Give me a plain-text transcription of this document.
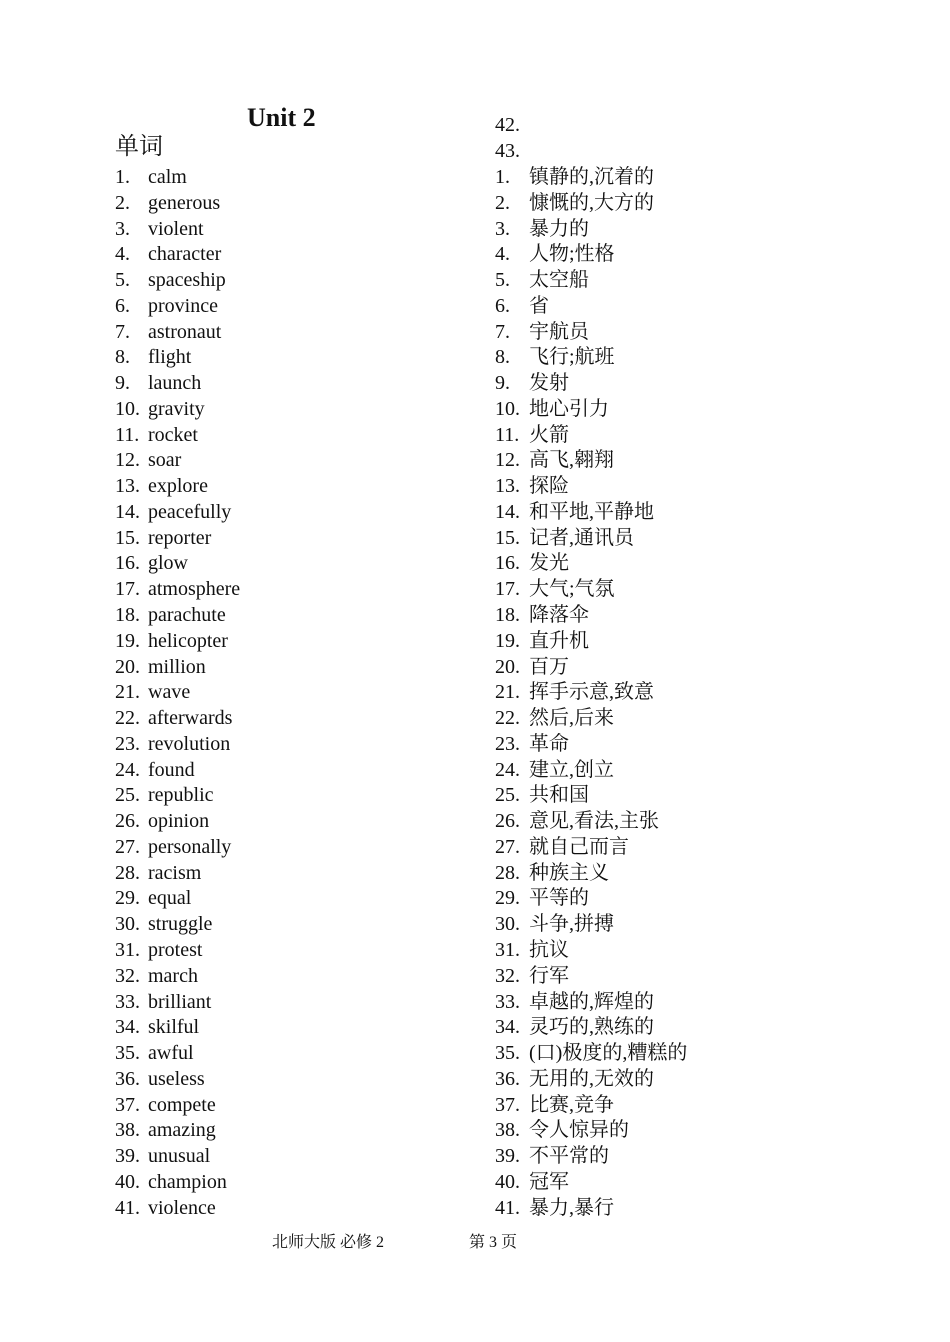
Unit 2
单词
1. calm
2. generous
3. violent
4. character
5. spaceship
6. province
7. astronaut
8. flight
9. launch
10. gravity
11. rocket
12. soar
13. explore
14. peacefully
15. reporter
16. glow
17. atmosphere
18. parachute
19. helicopter
20. million
21. wave
22. afterwards
23. revolution
24. found
25. republic
26. opinion
27. personally
28. racism
29. equal
30. struggle
31. protest
32. march
33. brilliant
34. skilful
35. awful
36. useless
37. compete
38. amazing
39. unusual
40. champion
41. violence
42.
43.
1. 镇静的,沉着的
2. 慷慨的,大方的
3. 暴力的
4. 人物;性格
5. 太空船
6. 省
7. 宇航员
8. 飞行;航班
9. 发射
10. 地心引力
11. 火箭
12. 高飞,翱翔
13. 探险
14. 和平地,平静地
15. 记者,通讯员
16. 发光
17. 大气;气氛
18. 降落伞
19. 直升机
20. 百万
21. 挥手示意,致意
22. 然后,后来
23. 革命
24. 建立,创立
25. 共和国
26. 意见,看法,主张
27. 就自己而言
28. 种族主义
29. 平等的
30. 斗争,拼搏
31. 抗议
32. 行军
33. 卓越的,辉煌的
34. 灵巧的,熟练的
35. (口)极度的,糟糕的
36. 无用的,无效的
37. 比赛,竞争
38. 令人惊异的
39. 不平常的
40. 冠军
41. 暴力,暴行
北师大版 必修 2	第 3 页
